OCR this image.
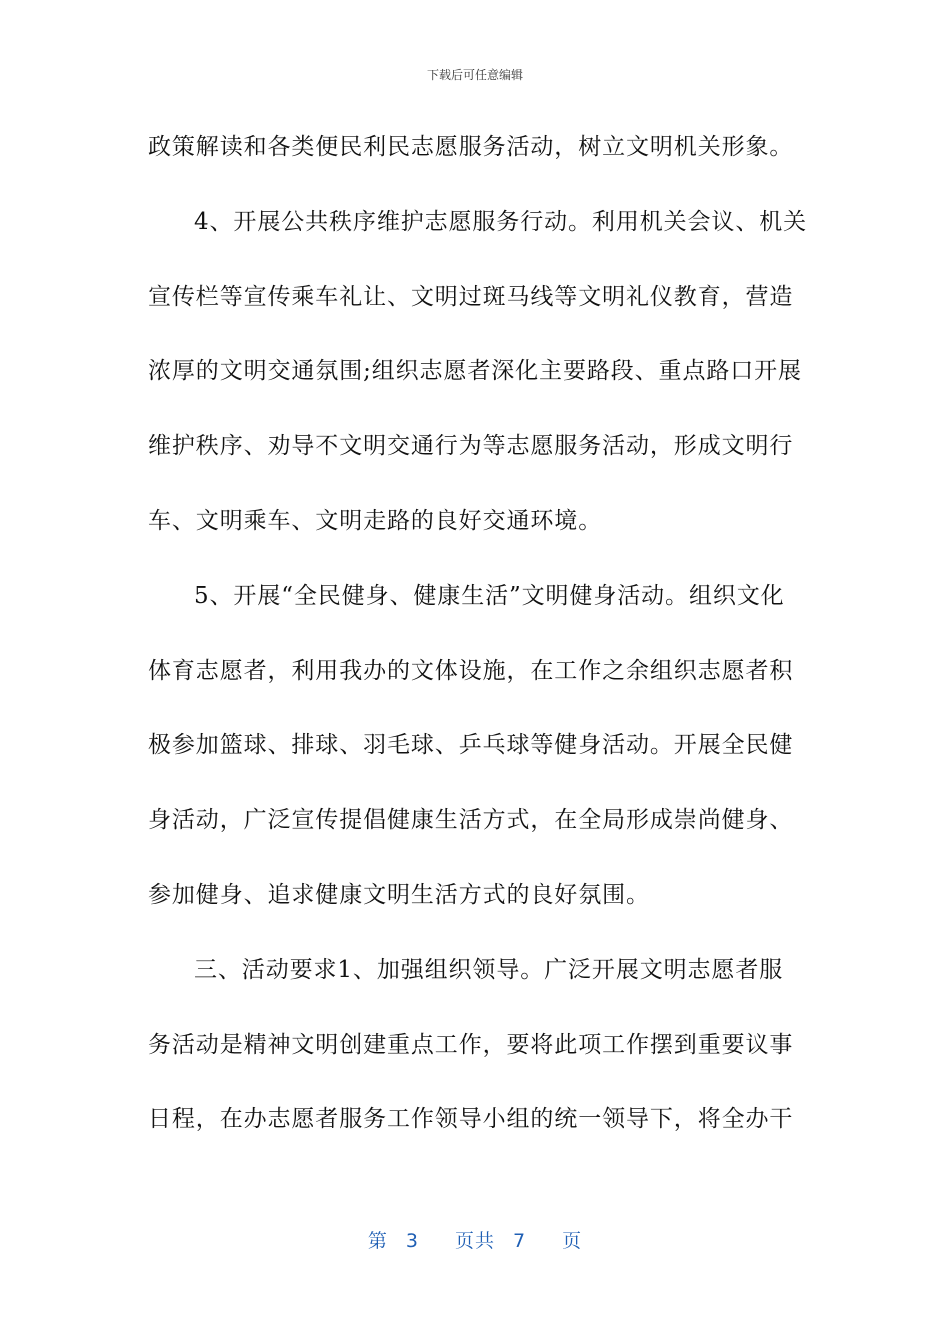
下载后可任意编辑
政策解读和各类便民利民志愿服务活动，树立文明机关形象。
4、开展公共秩序维护志愿服务行动。利用机关会议、机关
宣传栏等宣传乘车礼让、文明过斑马线等文明礼仪教育，营造
浓厚的文明交通氛围;组织志愿者深化主要路段、重点路口开展
维护秩序、劝导不文明交通行为等志愿服务活动，形成文明行
车、文明乘车、文明走路的良好交通环境。
5、开展“全民健身、健康生活”文明健身活动。组织文化
体育志愿者，利用我办的文体设施，在工作之余组织志愿者积
极参加篮球、排球、羽毛球、乒乓球等健身活动。开展全民健
身活动，广泛宣传提倡健康生活方式，在全局形成崇尚健身、
参加健身、追求健康文明生活方式的良好氛围。
三、活动要求1、加强组织领导。广泛开展文明志愿者服
务活动是精神文明创建重点工作，要将此项工作摆到重要议事
日程，在办志愿者服务工作领导小组的统一领导下，将全办干
第 3 页共 7 页
